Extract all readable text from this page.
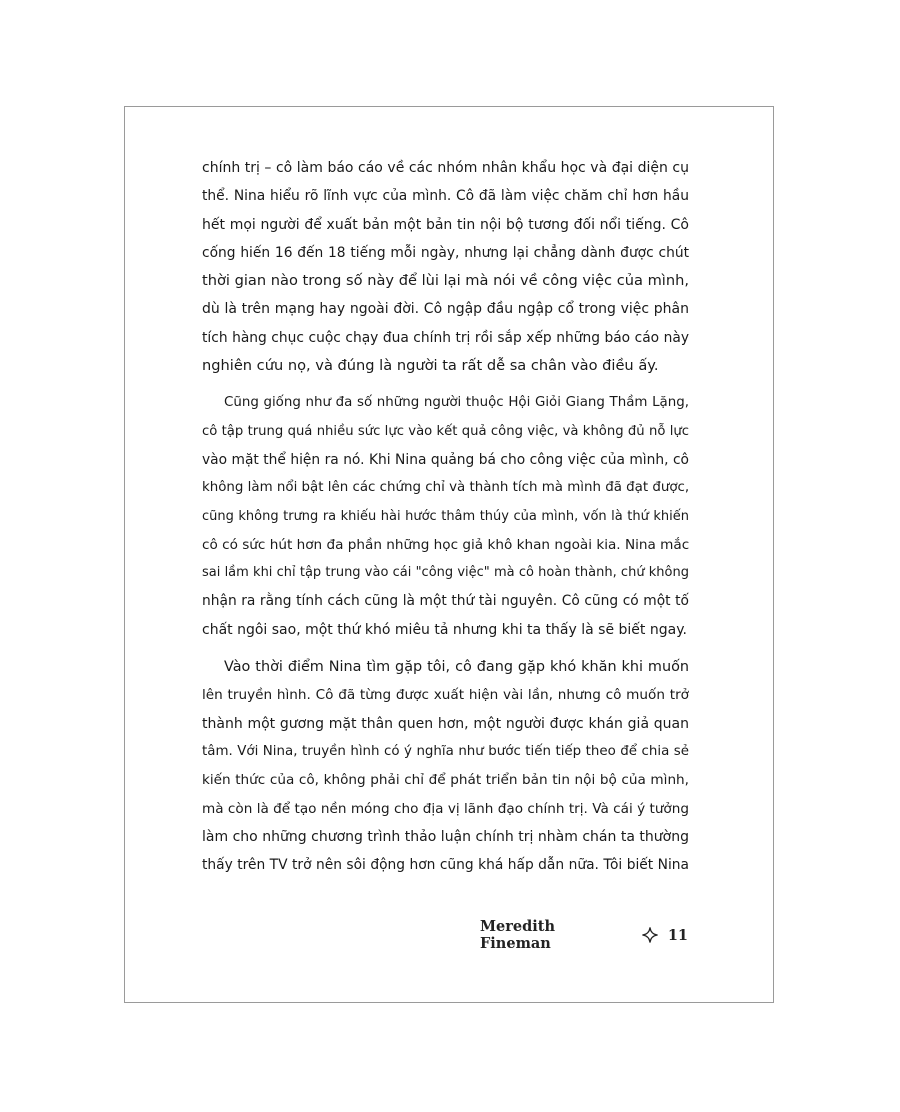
chính trị – cô làm báo cáo về các nhóm nhân khẩu học và đại diện cụ
thể. Nina hiểu rõ lĩnh vực của mình. Cô đã làm việc chăm chỉ hơn hầu
hết mọi người để xuất bản một bản tin nội bộ tương đối nổi tiếng. Cô
cống hiến 16 đến 18 tiếng mỗi ngày, nhưng lại chẳng dành được chút
thời gian nào trong số này để lùi lại mà nói về công việc của mình,
dù là trên mạng hay ngoài đời. Cô ngập đầu ngập cổ trong việc phân
tích hàng chục cuộc chạy đua chính trị rồi sắp xếp những báo cáo này
nghiên cứu nọ, và đúng là người ta rất dễ sa chân vào điều ấy.

Cũng giống như đa số những người thuộc Hội Giỏi Giang Thầm Lặng,
cô tập trung quá nhiều sức lực vào kết quả công việc, và không đủ nỗ lực
vào mặt thể hiện ra nó. Khi Nina quảng bá cho công việc của mình, cô
không làm nổi bật lên các chứng chỉ và thành tích mà mình đã đạt được,
cũng không trưng ra khiếu hài hước thâm thúy của mình, vốn là thứ khiến
cô có sức hút hơn đa phần những học giả khô khan ngoài kia. Nina mắc
sai lầm khi chỉ tập trung vào cái "công việc" mà cô hoàn thành, chứ không
nhận ra rằng tính cách cũng là một thứ tài nguyên. Cô cũng có một tố
chất ngôi sao, một thứ khó miêu tả nhưng khi ta thấy là sẽ biết ngay.

Vào thời điểm Nina tìm gặp tôi, cô đang gặp khó khăn khi muốn
lên truyền hình. Cô đã từng được xuất hiện vài lần, nhưng cô muốn trở
thành một gương mặt thân quen hơn, một người được khán giả quan
tâm. Với Nina, truyền hình có ý nghĩa như bước tiến tiếp theo để chia sẻ
kiến thức của cô, không phải chỉ để phát triển bản tin nội bộ của mình,
mà còn là để tạo nền móng cho địa vị lãnh đạo chính trị. Và cái ý tưởng
làm cho những chương trình thảo luận chính trị nhàm chán ta thường
thấy trên TV trở nên sôi động hơn cũng khá hấp dẫn nữa. Tôi biết Nina

Meredith Fineman	11
